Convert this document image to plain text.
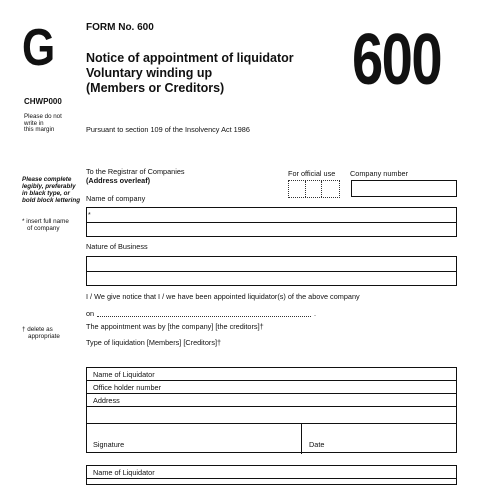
G	FORM No. 600
Notice of appointment of liquidator
Voluntary winding up
(Members or Creditors)	600
CHWP000
Please do not
write in
this margin
Please complete
legibly, preferably
in black type, or
bold block lettering
* insert full name
of company
† delete as
appropriate
Pursuant to section 109 of the Insolvency Act 1986
To the Registrar of Companies
(Address overleaf)
For official use Company number
Name of company
*
Nature of Business
I / We give notice that I / we have been appointed liquidator(s) of the above company
on	.
The appointment was by [the company] [the creditors]†
Type of liquidation [Members] [Creditors]†
Name of Liquidator
Office holder number
Address
Signature	Date
Name of Liquidator
